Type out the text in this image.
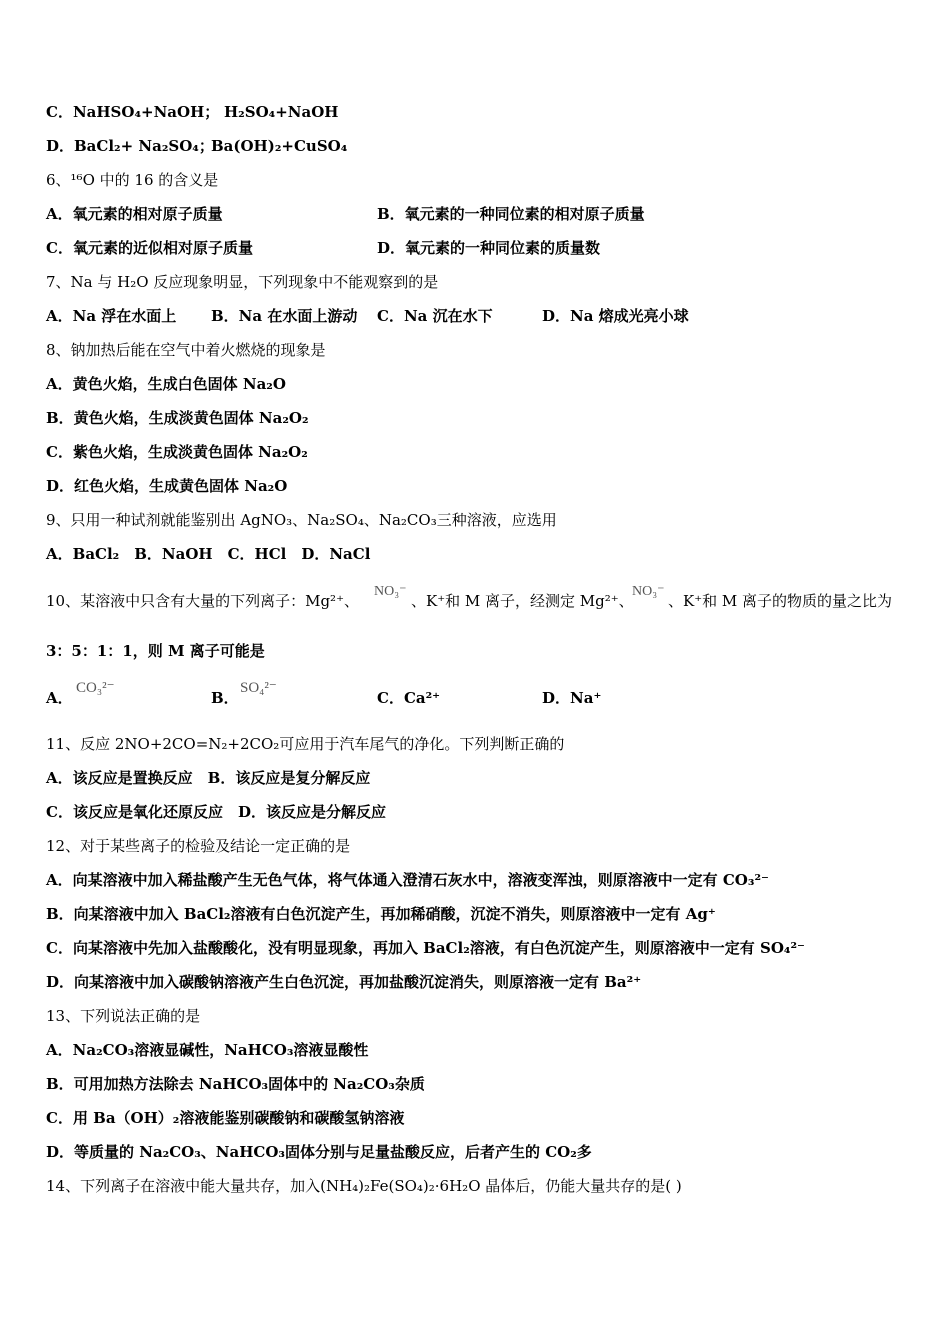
C．NaHSO₄+NaOH； H₂SO₄+NaOH
D．BaCl₂+ Na₂SO₄；
Ba(OH)₂+CuSO₄
6、¹⁶O 中的 16 的含义是
A．氧元素的相对原子质量	B．氧元素的一种同位素的相对原子质量
C．氧元素的近似相对原子质量	D．氧元素的一种同位素的质量数
7、Na 与 H₂O 反应现象明显，下列现象中不能观察到的是
A．Na 浮在水面上 B．Na 在水面上游动 C．Na 沉在水下	D．Na 熔成光亮小球
8、钠加热后能在空气中着火燃烧的现象是
A．黄色火焰，生成白色固体 Na₂O
B．黄色火焰，生成淡黄色固体 Na₂O₂
C．紫色火焰，生成淡黄色固体 Na₂O₂
D．红色火焰，生成黄色固体 Na₂O
9、只用一种试剂就能鉴别出 AgNO₃、Na₂SO₄、Na₂CO₃三种溶液，应选用
A．BaCl₂　B．NaOH　C．HCl　D．NaCl
10、某溶液中只含有大量的下列离子：Mg²⁺、
NO₃⁻
、K⁺和 M 离子，经测定 Mg²⁺、
NO₃⁻
、K⁺和 M 离子的物质的量之比为
3：5：1：1，则 M 离子可能是
A．
CO₃²⁻
B．
SO₄²⁻
C．Ca²⁺	D．Na⁺
11、反应 2NO+2CO=N₂+2CO₂可应用于汽车尾气的净化。下列判断正确的
A．该反应是置换反应　B．该反应是复分解反应
C．该反应是氧化还原反应　D．该反应是分解反应
12、对于某些离子的检验及结论一定正确的是
A．向某溶液中加入稀盐酸产生无色气体，将气体通入澄清石灰水中，溶液变浑浊，则原溶液中一定有 CO₃²⁻
B．向某溶液中加入 BaCl₂溶液有白色沉淀产生，再加稀硝酸，沉淀不消失，则原溶液中一定有 Ag⁺
C．向某溶液中先加入盐酸酸化，没有明显现象，再加入 BaCl₂溶液，有白色沉淀产生，则原溶液中一定有 SO₄²⁻
D．向某溶液中加入碳酸钠溶液产生白色沉淀，再加盐酸沉淀消失，则原溶液一定有 Ba²⁺
13、下列说法正确的是
A．Na₂CO₃溶液显碱性，NaHCO₃溶液显酸性
B．可用加热方法除去 NaHCO₃固体中的 Na₂CO₃杂质
C．用 Ba（OH）₂溶液能鉴别碳酸钠和碳酸氢钠溶液
D．等质量的 Na₂CO₃、NaHCO₃固体分别与足量盐酸反应，后者产生的 CO₂多
14、下列离子在溶液中能大量共存，加入(NH₄)₂Fe(SO₄)₂·6H₂O 晶体后，仍能大量共存的是( )
